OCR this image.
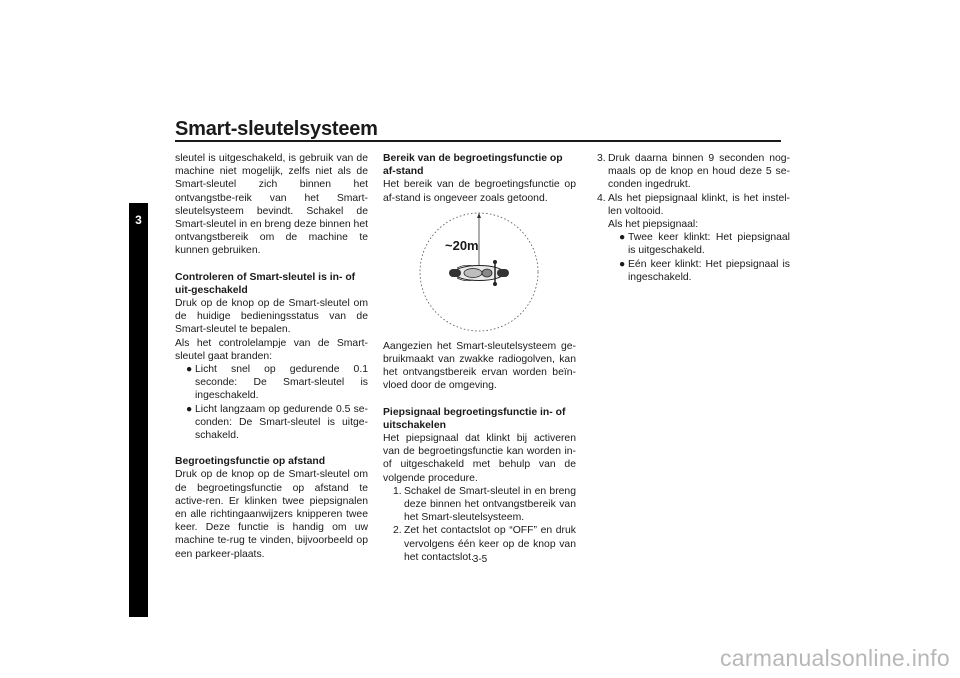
Smart-sleutelsysteem
3

sleutel is uitgeschakeld, is gebruik van de machine niet mogelijk, zelfs niet als de Smart-sleutel zich binnen het ontvangstbe-reik van het Smart-sleutelsysteem bevindt. Schakel de Smart-sleutel in en breng deze binnen het ontvangstbereik om de machine te kunnen gebruiken.

Controleren of Smart-sleutel is in- of uit-geschakeld

Druk op de knop op de Smart-sleutel om de huidige bedieningsstatus van de Smart-sleutel te bepalen.

Als het controlelampje van de Smart-sleutel gaat branden:

● Licht snel op gedurende 0.1 seconde: De Smart-sleutel is ingeschakeld.
● Licht langzaam op gedurende 0.5 se-conden: De Smart-sleutel is uitge-schakeld.

Begroetingsfunctie op afstand

Druk op de knop op de Smart-sleutel om de begroetingsfunctie op afstand te active-ren. Er klinken twee piepsignalen en alle richtingaanwijzers knipperen twee keer. Deze functie is handig om uw machine te-rug te vinden, bijvoorbeeld op een parkeer-plaats.

Bereik van de begroetingsfunctie op af-stand

Het bereik van de begroetingsfunctie op af-stand is ongeveer zoals getoond.

~20m

Aangezien het Smart-sleutelsysteem ge-bruikmaakt van zwakke radiogolven, kan het ontvangstbereik ervan worden beïn-vloed door de omgeving.

Piepsignaal begroetingsfunctie in- of uitschakelen

Het piepsignaal dat klinkt bij activeren van de begroetingsfunctie kan worden in- of uitgeschakeld met behulp van de volgende procedure.

1. Schakel de Smart-sleutel in en breng deze binnen het ontvangstbereik van het Smart-sleutelsysteem.
2. Zet het contactslot op “OFF” en druk vervolgens één keer op de knop van het contactslot.
3. Druk daarna binnen 9 seconden nog-maals op de knop en houd deze 5 se-conden ingedrukt.
4. Als het piepsignaal klinkt, is het instel-len voltooid.

Als het piepsignaal:

● Twee keer klinkt: Het piepsignaal is uitgeschakeld.
● Eén keer klinkt: Het piepsignaal is ingeschakeld.
3-5
carmanualsonline.info
